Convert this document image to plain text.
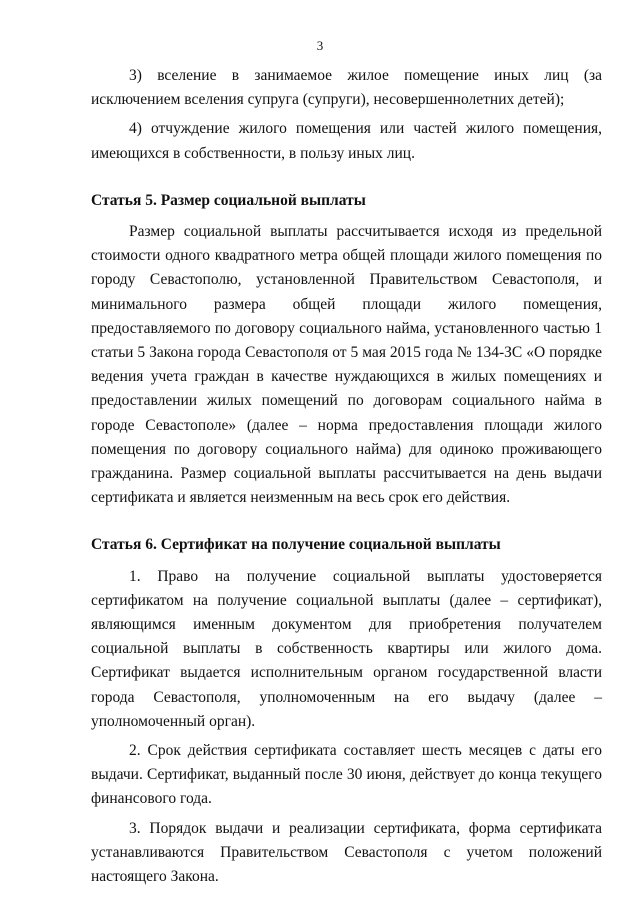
3

3) вселение в занимаемое жилое помещение иных лиц (за исключением вселения супруга (супруги), несовершеннолетних детей);

4) отчуждение жилого помещения или частей жилого помещения, имеющихся в собственности, в пользу иных лиц.

Статья 5. Размер социальной выплаты

Размер социальной выплаты рассчитывается исходя из предельной стоимости одного квадратного метра общей площади жилого помещения по городу Севастополю, установленной Правительством Севастополя, и минимального размера общей площади жилого помещения, предоставляемого по договору социального найма, установленного частью 1 статьи 5 Закона города Севастополя от 5 мая 2015 года № 134-ЗС «О порядке ведения учета граждан в качестве нуждающихся в жилых помещениях и предоставлении жилых помещений по договорам социального найма в городе Севастополе» (далее – норма предоставления площади жилого помещения по договору социального найма) для одиноко проживающего гражданина. Размер социальной выплаты рассчитывается на день выдачи сертификата и является неизменным на весь срок его действия.

Статья 6. Сертификат на получение социальной выплаты

1. Право на получение социальной выплаты удостоверяется сертификатом на получение социальной выплаты (далее – сертификат), являющимся именным документом для приобретения получателем социальной выплаты в собственность квартиры или жилого дома. Сертификат выдается исполнительным органом государственной власти города Севастополя, уполномоченным на его выдачу (далее – уполномоченный орган).

2. Срок действия сертификата составляет шесть месяцев с даты его выдачи. Сертификат, выданный после 30 июня, действует до конца текущего финансового года.

3. Порядок выдачи и реализации сертификата, форма сертификата устанавливаются Правительством Севастополя с учетом положений настоящего Закона.
